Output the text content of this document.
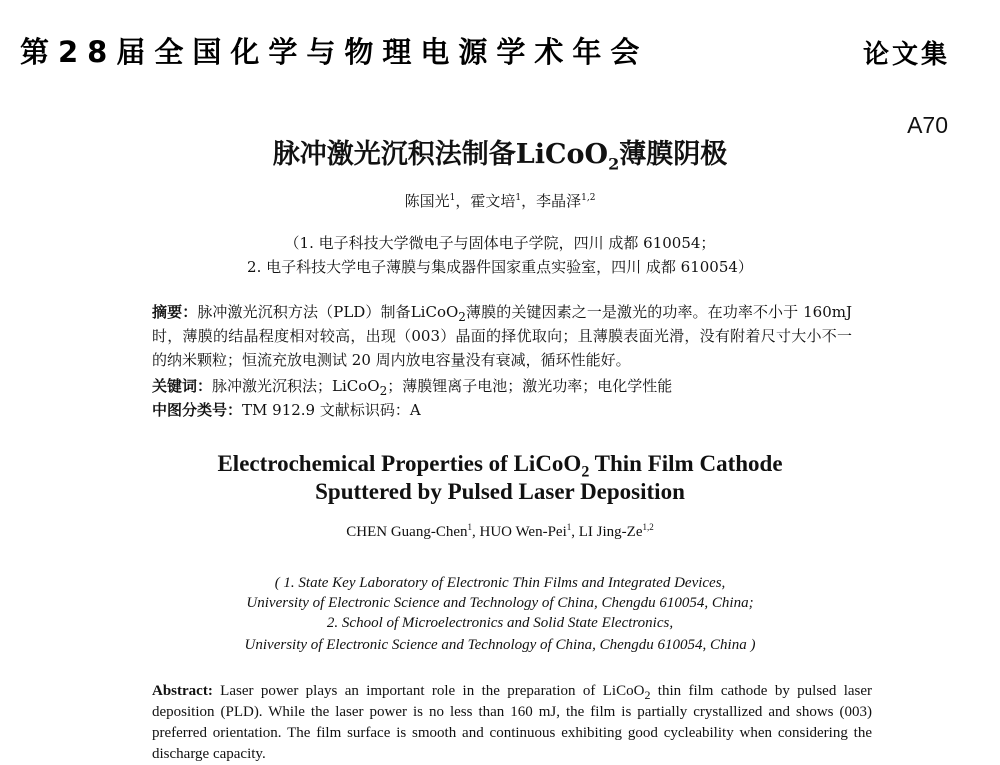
第28届全国化学与物理电源学术年会	论文集
A70
脉冲激光沉积法制备LiCoO$_2$薄膜阴极
陈国光$^1$，霍文培$^1$，李晶泽$^{1,2}$
（1. 电子科技大学微电子与固体电子学院，四川 成都 610054；
2. 电子科技大学电子薄膜与集成器件国家重点实验室，四川 成都 610054）
摘要：脉冲激光沉积方法（PLD）制备LiCoO$_2$薄膜的关键因素之一是激光的功率。在功率不小于 160mJ时，薄膜的结晶程度相对较高，出现（003）晶面的择优取向；且薄膜表面光滑，没有附着尺寸大小不一的纳米颗粒；恒流充放电测试 20 周内放电容量没有衰减，循环性能好。
关键词：脉冲激光沉积法；LiCoO$_2$；薄膜锂离子电池；激光功率；电化学性能
中图分类号：TM 912.9 文献标识码：A
Electrochemical Properties of LiCoO$_2$ Thin Film Cathode
Sputtered by Pulsed Laser Deposition
CHEN Guang-Chen$^1$, HUO Wen-Pei$^1$, LI Jing-Ze$^{1,2}$
( 1. State Key Laboratory of Electronic Thin Films and Integrated Devices,
University of Electronic Science and Technology of China, Chengdu 610054, China;
2. School of Microelectronics and Solid State Electronics,
University of Electronic Science and Technology of China, Chengdu 610054, China )
Abstract: Laser power plays an important role in the preparation of LiCoO$_2$ thin film cathode by pulsed laser deposition (PLD). While the laser power is no less than 160 mJ, the film is partially crystallized and shows (003) preferred orientation. The film surface is smooth and continuous exhibiting good cycleability when considering the discharge capacity.
